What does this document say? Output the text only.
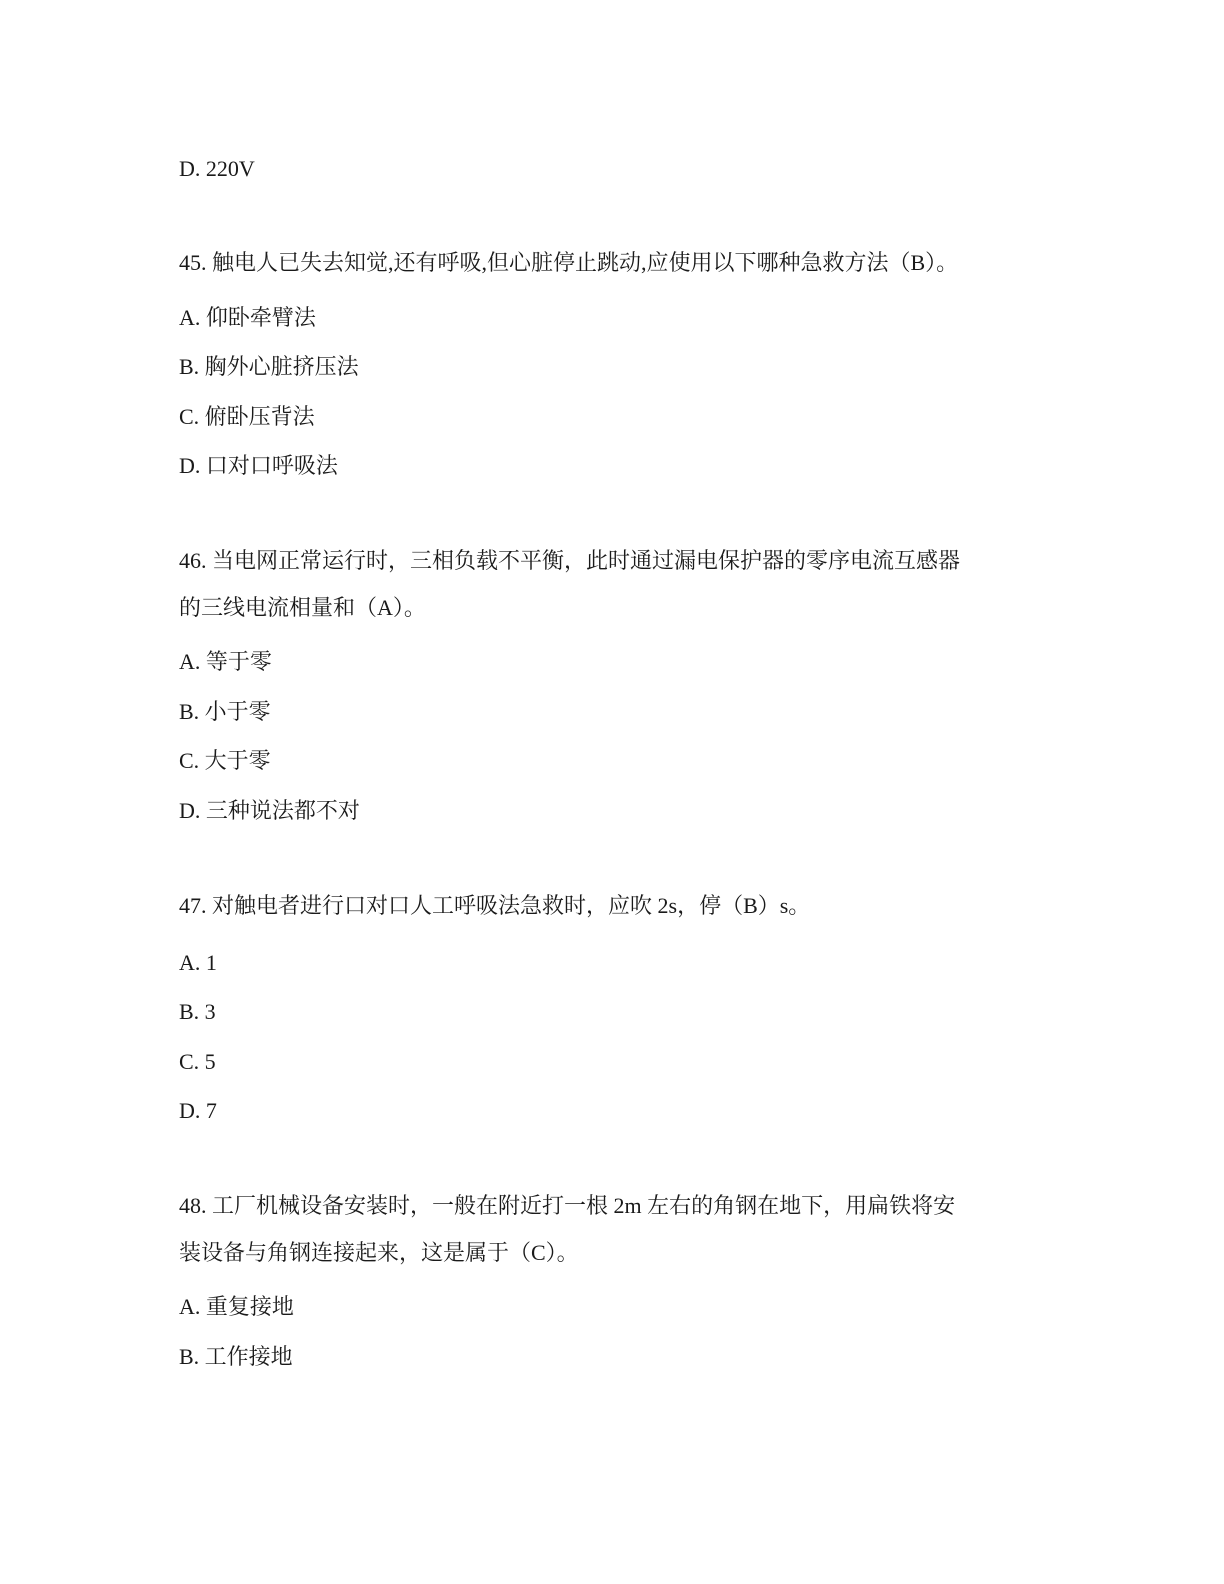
D. 220V
45. 触电人已失去知觉,还有呼吸,但心脏停止跳动,应使用以下哪种急救方法（B）。
A. 仰卧牵臂法
B. 胸外心脏挤压法
C. 俯卧压背法
D. 口对口呼吸法
46. 当电网正常运行时，三相负载不平衡，此时通过漏电保护器的零序电流互感器
的三线电流相量和（A）。
A. 等于零
B. 小于零
C. 大于零
D. 三种说法都不对
47. 对触电者进行口对口人工呼吸法急救时，应吹 2s，停（B）s。
A. 1
B. 3
C. 5
D. 7
48. 工厂机械设备安装时，一般在附近打一根 2m 左右的角钢在地下，用扁铁将安
装设备与角钢连接起来，这是属于（C）。
A. 重复接地
B. 工作接地
